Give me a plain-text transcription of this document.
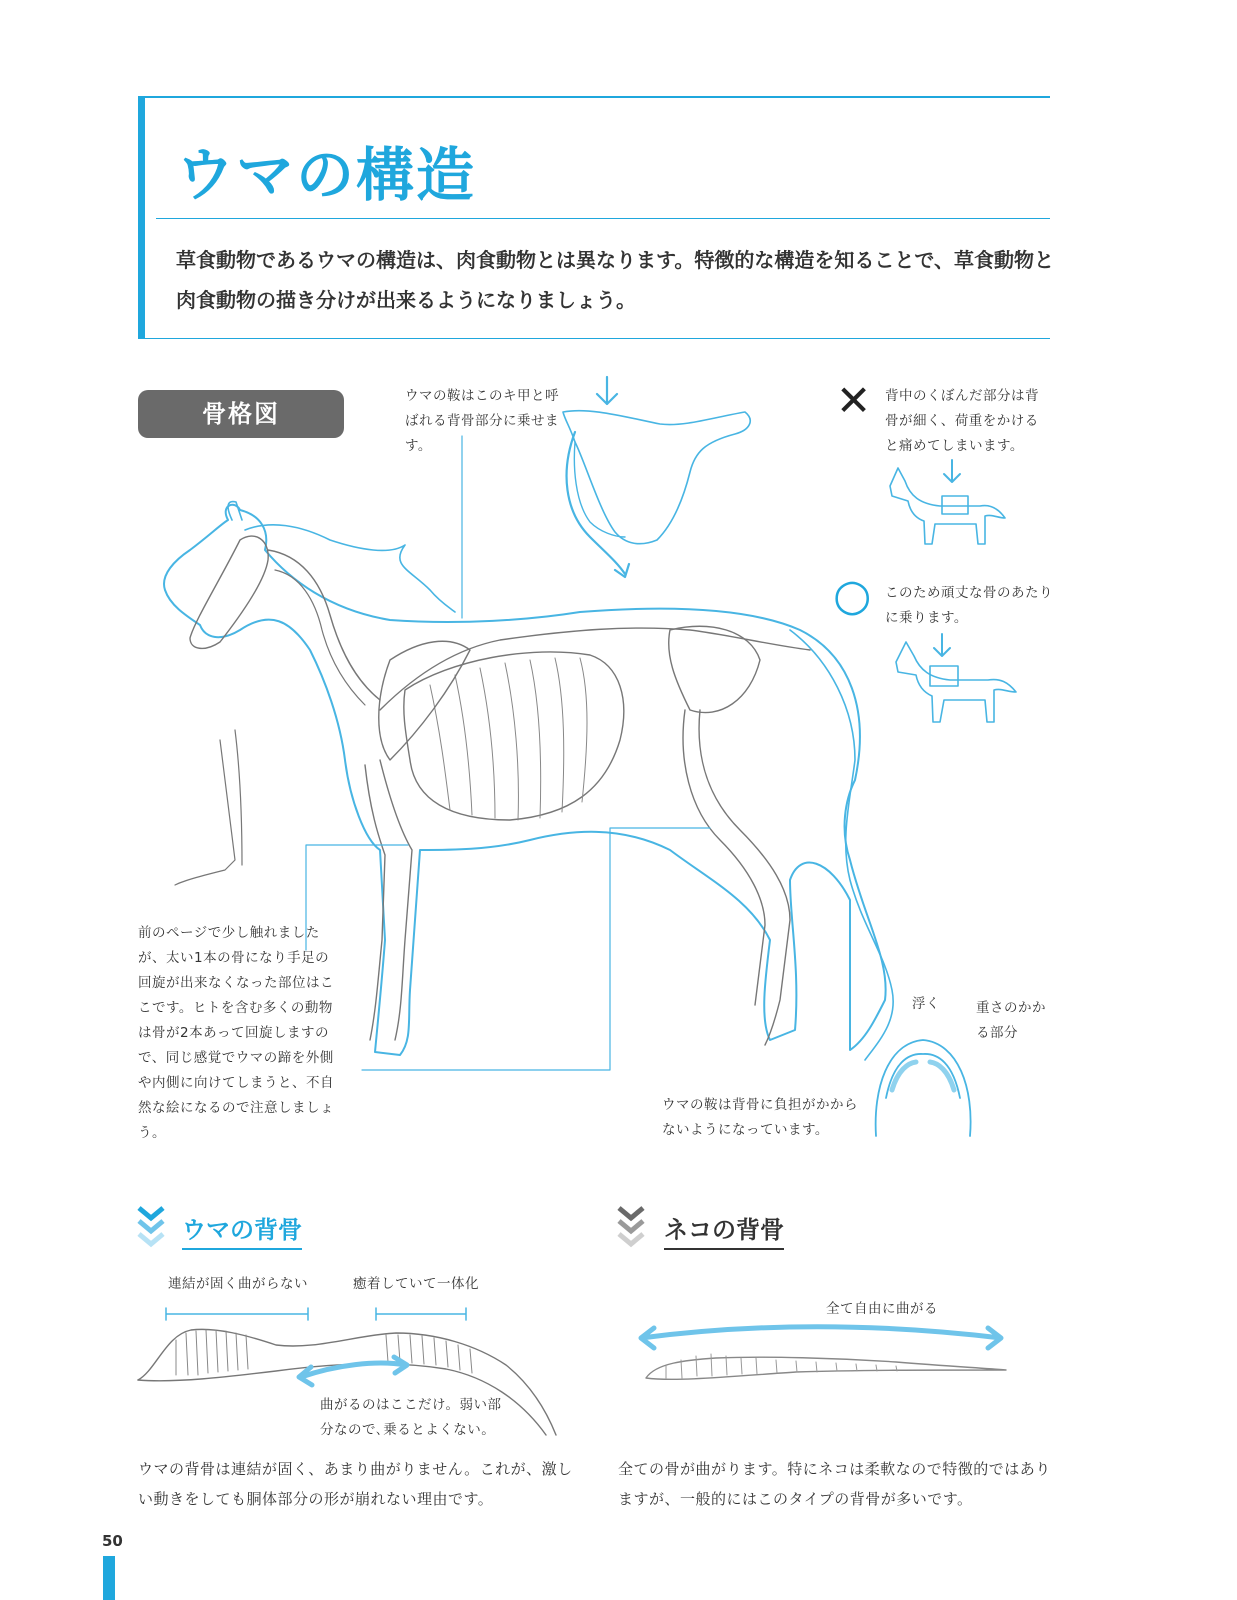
ウマの構造
草食動物であるウマの構造は、肉食動物とは異なります。特徴的な構造を知ることで、草食動物と肉食動物の描き分けが出来るようになりましょう。
骨格図
ウマの鞍はこのキ甲と呼ばれる背骨部分に乗せます。
✕ 背中のくぼんだ部分は背骨が細く、荷重をかけると痛めてしまいます。
○ このため頑丈な骨のあたりに乗ります。
浮く	重さのかかる部分
ウマの鞍は背骨に負担がかからないようになっています。
前のページで少し触れましたが、太い1本の骨になり手足の回旋が出来なくなった部位はここです。ヒトを含む多くの動物は骨が2本あって回旋しますので、同じ感覚でウマの蹄を外側や内側に向けてしまうと、不自然な絵になるので注意しましょう。
ウマの背骨
連結が固く曲がらない	癒着していて一体化
曲がるのはここだけ。弱い部分なので､乗るとよくない。
ウマの背骨は連結が固く、あまり曲がりません。これが、激しい動きをしても胴体部分の形が崩れない理由です。
ネコの背骨
全て自由に曲がる
全ての骨が曲がります。特にネコは柔軟なので特徴的ではありますが、一般的にはこのタイプの背骨が多いです。
50
